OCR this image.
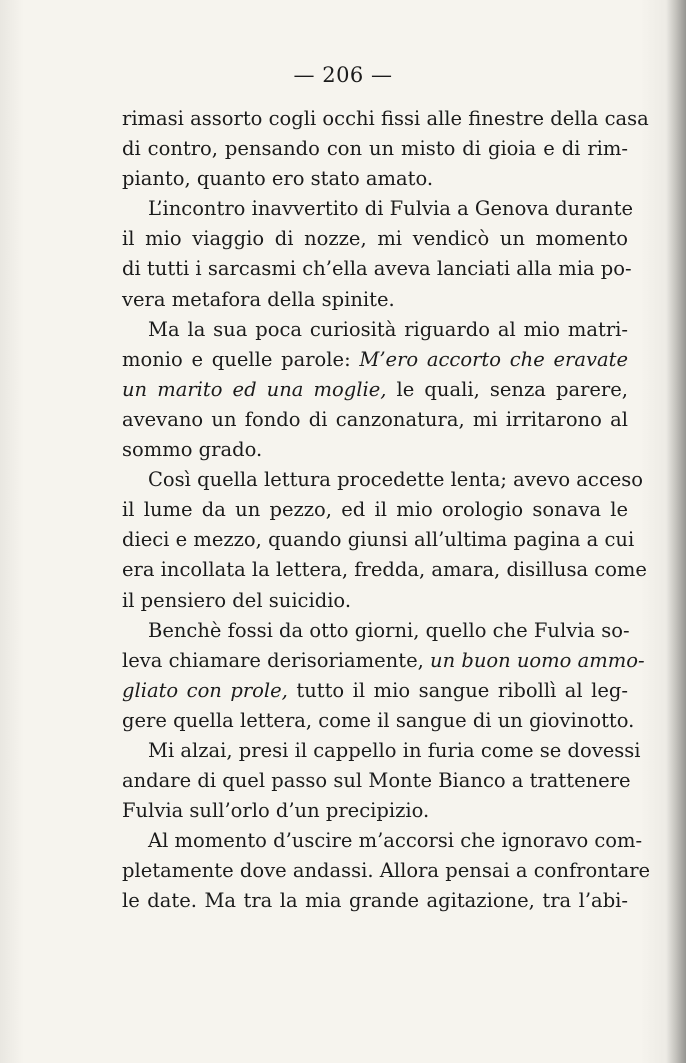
— 206 —
rimasi assorto cogli occhi fissi alle finestre della casa
di contro, pensando con un misto di gioia e di rim-
pianto, quanto ero stato amato.
L’incontro inavvertito di Fulvia a Genova durante
il mio viaggio di nozze, mi vendicò un momento
di tutti i sarcasmi ch’ella aveva lanciati alla mia po-
vera metafora della spinite.
Ma la sua poca curiosità riguardo al mio matri-
monio e quelle parole: M’ero accorto che eravate
un marito ed una moglie, le quali, senza parere,
avevano un fondo di canzonatura, mi irritarono al
sommo grado.
Così quella lettura procedette lenta; avevo acceso
il lume da un pezzo, ed il mio orologio sonava le
dieci e mezzo, quando giunsi all’ultima pagina a cui
era incollata la lettera, fredda, amara, disillusa come
il pensiero del suicidio.
Benchè fossi da otto giorni, quello che Fulvia so-
leva chiamare derisoriamente, un buon uomo ammo-
gliato con prole, tutto il mio sangue ribollì al leg-
gere quella lettera, come il sangue di un giovinotto.
Mi alzai, presi il cappello in furia come se dovessi
andare di quel passo sul Monte Bianco a trattenere
Fulvia sull’orlo d’un precipizio.
Al momento d’uscire m’accorsi che ignoravo com-
pletamente dove andassi. Allora pensai a confrontare
le date. Ma tra la mia grande agitazione, tra l’abi-
